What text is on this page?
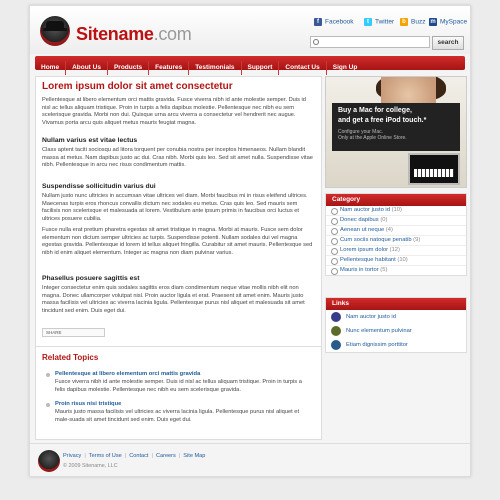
Sitename.com
f Facebook	t Twitter	b Buzz m MySpace
search
Home About Us Products Features Testimonials Support Contact Us Sign Up
Lorem ipsum dolor sit amet consectetur

Pellentesque at libero elementum orci mattis gravida. Fusce viverra nibh id ante molestie semper. Duis id nisl ac tellus aliquam tristique. Proin in turpis a felis dapibus molestie. Pellentesque nec nibh eu sem scelerisque gravida. Morbi non dui. Quisque urna arcu viverra a consectetur vel hendrerit nec augue. Vivamus porta arcu quis aliquet metus mauris feugiat magna.

Nullam varius est vitae lectus

Class aptent taciti sociosqu ad litora torquent per conubia nostra per inceptos himenaeos. Nullam blandit massa at metus. Nam dapibus justo ac dui. Cras nibh. Morbi quis leo. Sed sit amet nulla. Suspendisse vitae nibh. Pellentesque in arcu nec risus condimentum mattis.

Suspendisse sollicitudin varius dui

Nullam justo nunc ultricies in accumsan vitae ultrices vel diam. Morbi faucibus mi in risus eleifend ultrices. Maecenas turpis eros rhoncus convallis dictum nec sodales eu metus. Cras quis leo. Sed mauris sem facilisis non scelerisque et malesuada at lorem. Vestibulum ante ipsum primis in faucibus orci luctus et ultrices posuere cubilia.

Fusce nulla erat pretium pharetra egestas sit amet tristique in magna. Morbi at mauris. Fusce sem dolor elementum non dictum semper ultricies ac turpis. Suspendisse potenti. Nullam sodales dui vel magna egestas gravida. Pellentesque id lorem id tellus aliquet fringilla. Curabitur sit amet mauris. Pellentesque sed nibh id enim aliquet elementum. Integer ac magna non diam pulvinar varius.

Phasellus posuere sagittis est

Integer consectetur enim quis sodales sagittis eros diam condimentum neque vitae mollis nibh elit non magna. Donec ullamcorper volutpat nisl. Proin auctor ligula et erat. Praesent sit amet enim. Mauris justo massa facilisis vel ultricies ac viverra lacinia ligula. Pellentesque purus nisl aliquet et malesuada sit amet tincidunt sed enim. Duis eget dui.

SHARE
Related Topics
Pellentesque at libero elementum orci mattis gravida

Fusce viverra nibh id ante molestie semper. Duis id nisl ac tellus aliquam tristique. Proin in turpis a felis dapibus molestie. Pellentesque nec nibh eu sem scelerisque gravida.

Proin risus nisi tristique

Mauris justo massa facilisis vel ultricies ac viverra lacinia ligula. Pellentesque purus nisl aliquet et male-suada sit amet tincidunt sed enim. Duis eget dui.

Buy a Mac for college,
and get a free iPod touch.*
Configure your Mac.
Only at the Apple Online Store.
Category
Nam auctor justo id (10)
Donec dapibus (0)
Aenean ut neque (4)
Cum sociis natoque penatib (9)
Lorem ipsum dolor (12)
Pellentesque habitant (10)
Mauris in tortor (5)
Links
Nam auctor justo id
Nunc elementum pulvinar
Etiam dignissim porttitor
Privacy | Terms of Use | Contact | Careers | Site Map
© 2009 Sitename, LLC
